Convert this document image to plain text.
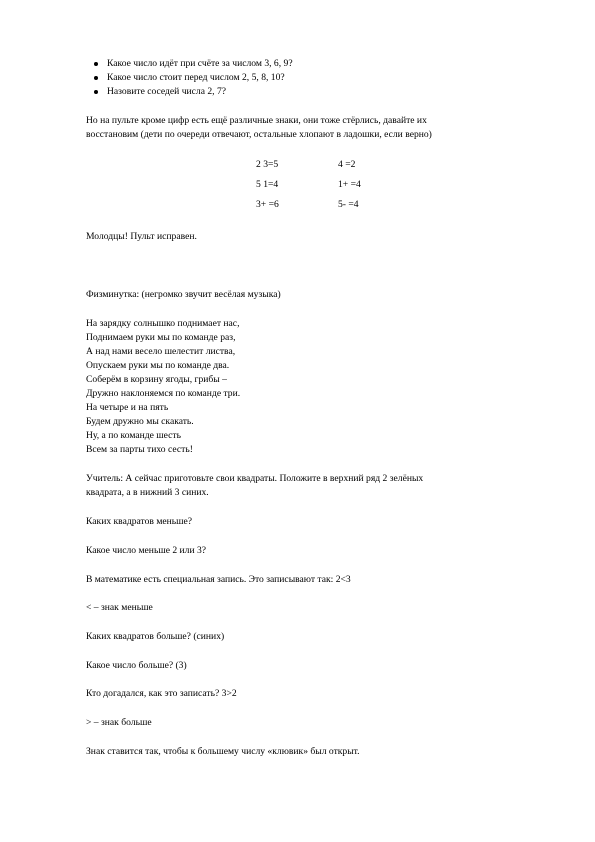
Какое число идёт при счёте за числом 3, 6, 9?
Какое число стоит перед числом 2, 5, 8, 10?
Назовите соседей числа 2, 7?
Но на пульте кроме цифр есть ещё различные знаки, они тоже стёрлись, давайте их
восстановим (дети по очереди отвечают, остальные хлопают в ладошки, если верно)
2 3=5
5 1=4
3+ =6
4 =2
1+ =4
5- =4
Молодцы! Пульт исправен.
Физминутка: (негромко звучит весёлая музыка)
На зарядку солнышко поднимает нас,
Поднимаем руки мы по команде раз,
А над нами весело шелестит листва,
Опускаем руки мы по команде два.
Соберём в корзину ягоды, грибы –
Дружно наклоняемся по команде три.
На четыре и на пять
Будем дружно мы скакать.
Ну, а по команде шесть
Всем за парты тихо сесть!
Учитель: А сейчас приготовьте свои квадраты. Положите в верхний ряд 2 зелёных
квадрата, а в нижний 3 синих.
Каких квадратов меньше?
Какое число меньше 2 или 3?
В математике есть специальная запись. Это записывают так: 2<3
< – знак меньше
Каких квадратов больше? (синих)
Какое число больше? (3)
Кто догадался, как это записать? 3>2
> – знак больше
Знак ставится так, чтобы к большему числу «клювик» был открыт.
